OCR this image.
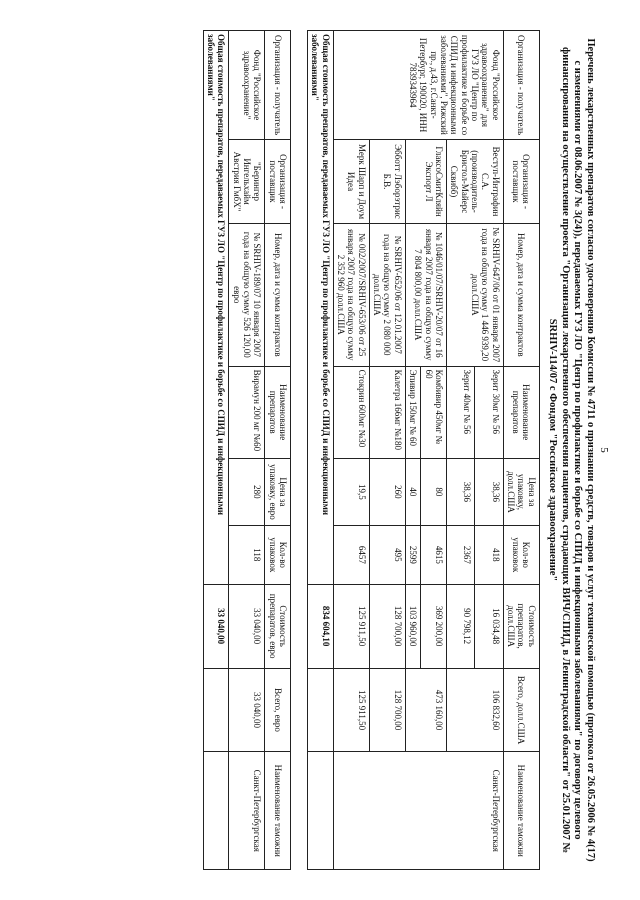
5
Перечень лекарственных препаратов согласно удостоверению Комиссии № 4711 о признании средств, товаров и услуг технической помощью (протокол от 26.05.2006 № 4(17) с изменениями от 08.06.2007 № 3(24)), передаваемых ГУЗ ЛО "Центр по профилактике и борьбе со СПИД и инфекционными заболеваниями" по договору целевого финансирования на осуществление проекта "Организация лекарственного обеспечения пациентов, страдающих ВИЧ/СПИД, в Ленинградской области" от 25.01.2007 № SRHIV-114/07 с Фондом "Российское здравоохранение"
Организация - получатель	Организация - поставщик	Номер, дата и сумма контрактов	Наименование препаратов	Цена за упаковку, долл.США	Кол-во упаковок	Стоимость препаратов, долл.США	Всего, долл.США	Наименование таможни
Фонд "Российское здравоохранение" для ГУЗ ЛО "Центр по профилактике и борьбе со СПИД и инфекционными заболеваниями", Рижский пр., д.43, г.Санкт-Петербург, 190020, ИНН 7839343964	Веступ-Интрафин С.А.(производитель-Бристол-Майерс Сквибб)	№ SRHIV-647/06 от 01 января 2007 года на общую сумму 1 446 939,20 долл.США	Зерит 30мг № 56	38,36	418	16 034,48	106 832,60	Санкт-Петербургская
			Зерит 40мг № 56	38,36	2367	90 798,12		
	ГлаксоСмитКляйн Экспорт Л	№ 1046/01/07/SRHIV-20/07 от 16 января 2007 года на общую сумму 7 804 800,00 долл.США	Комбивир 450мг № 60	80	4615	369 200,00	473 160,00	
			Эпивир 150мг № 60	40	2599	103 960,00		
	Эбботт Лэборэтрис Б.В.	№ SRHIV-652/06 от 12.01.2007 года на общую сумму 2 080 000 долл.США	Калетра 166мг №180	260	495	128 700,00	128 700,00	
	Мерк Шарп и Доум Идеа	№ 002/2007/SRHIV-653/06 от 25 января 2007 года на общую сумму 2 352 960 долл.США	Стокрин 600мг №30	19,5	6457	125 911,50	125 911,50	
Общая стоимость препаратов, передаваемых ГУЗ ЛО "Центр по профилактике и борьбе со СПИД и инфекционными заболеваниями"						834 604,10		
Организация - получатель	Организация - поставщик	Номер, дата и сумма контрактов	Наименование препаратов	Цена за упаковку, евро	Кол-во упаковок	Стоимость препаратов, евро	Всего, евро	Наименование таможни
Фонд "Российское здравоохранение"	"Берингер Ингельхайм Австрия ГмбХ"	№ SRHIV-189/07 10 января 2007 года на общую сумму 526 120,00 евро	Вирамун 200 мг №60	280	118	33 040,00	33 040,00	Санкт-Петербургская
Общая стоимость препаратов, передаваемых ГУЗ ЛО "Центр по профилактике и борьбе со СПИД и инфекционными заболеваниями"						33 040,00		
